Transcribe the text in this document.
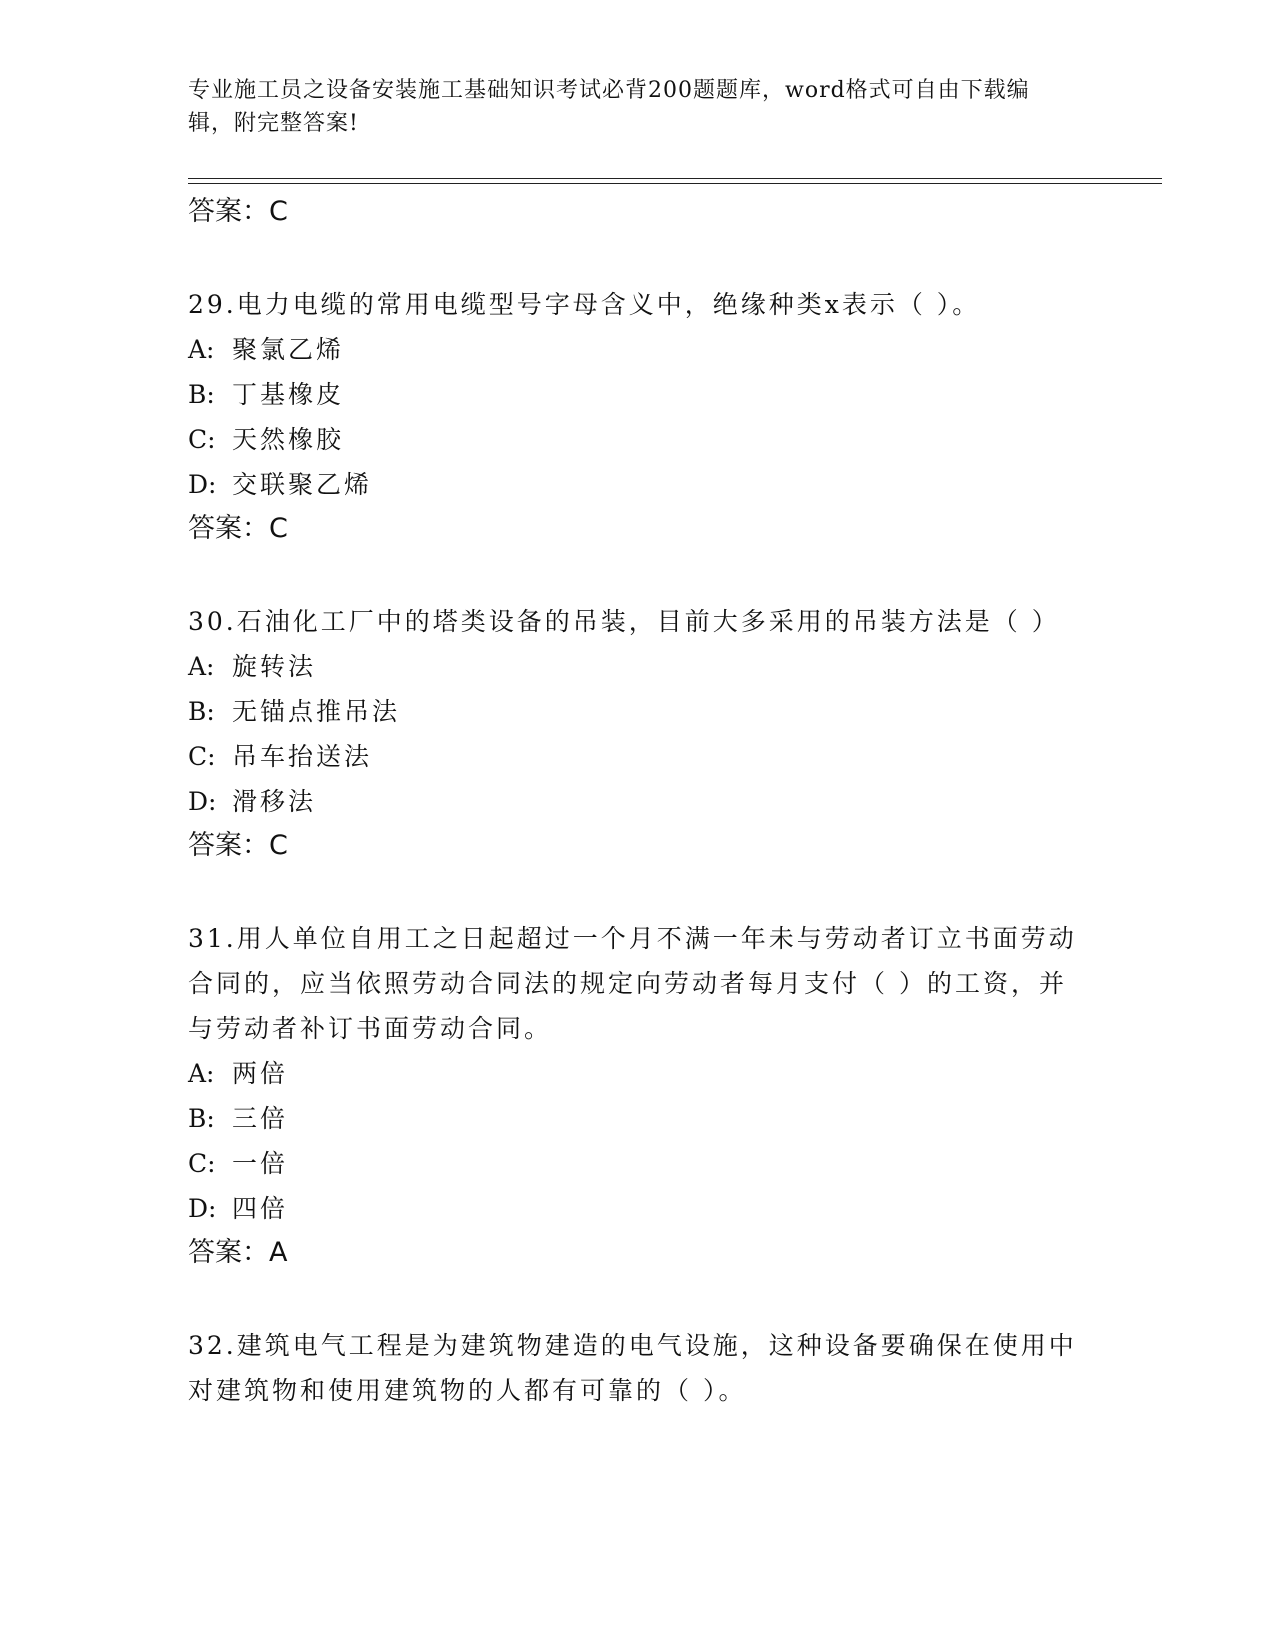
专业施工员之设备安装施工基础知识考试必背200题题库，word格式可自由下载编辑，附完整答案!
答案：C
29.电力电缆的常用电缆型号字母含义中，绝缘种类x表示（ ）。
A: 聚氯乙烯
B: 丁基橡皮
C: 天然橡胶
D: 交联聚乙烯
答案：C
30.石油化工厂中的塔类设备的吊装，目前大多采用的吊装方法是（ ）
A: 旋转法
B: 无锚点推吊法
C: 吊车抬送法
D: 滑移法
答案：C
31.用人单位自用工之日起超过一个月不满一年未与劳动者订立书面劳动合同的，应当依照劳动合同法的规定向劳动者每月支付（ ）的工资，并与劳动者补订书面劳动合同。
A: 两倍
B: 三倍
C: 一倍
D: 四倍
答案：A
32.建筑电气工程是为建筑物建造的电气设施，这种设备要确保在使用中对建筑物和使用建筑物的人都有可靠的（ ）。
